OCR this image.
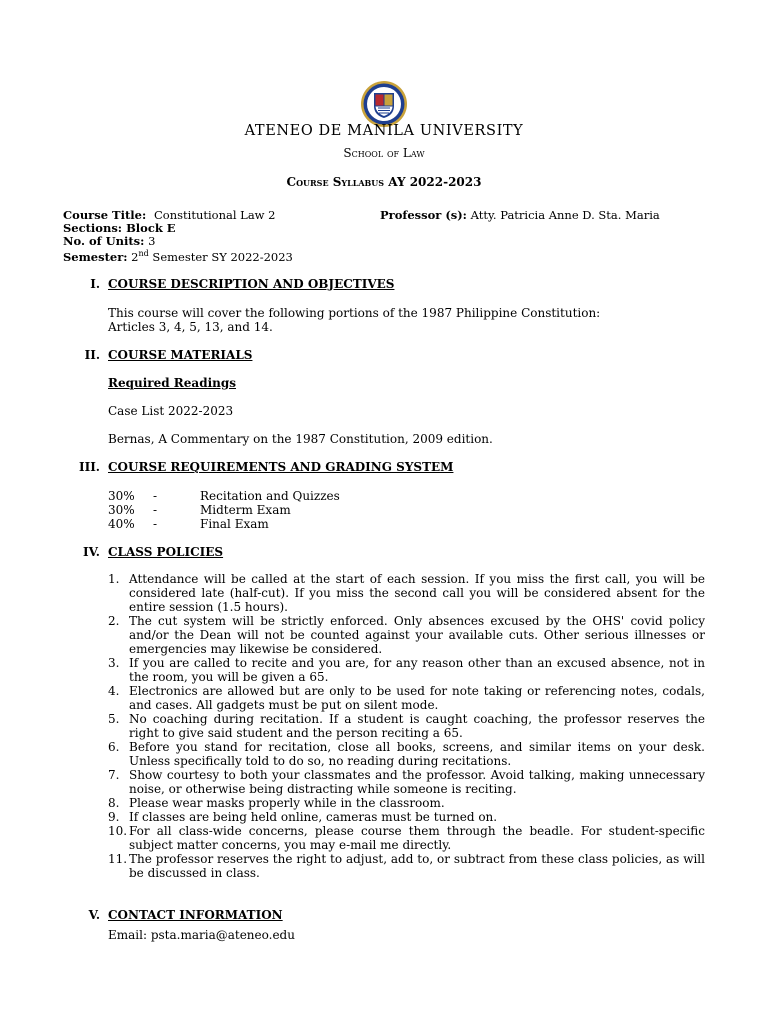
ATENEO DE MANILA UNIVERSITY
School of Law
Course Syllabus AY 2022-2023
Course Title: Constitutional Law 2	Professor (s): Atty. Patricia Anne D. Sta. Maria
Sections: Block E
No. of Units: 3
Semester: 2nd Semester SY 2022-2023
I. COURSE DESCRIPTION AND OBJECTIVES
This course will cover the following portions of the 1987 Philippine Constitution:
Articles 3, 4, 5, 13, and 14.
II. COURSE MATERIALS
Required Readings
Case List 2022-2023
Bernas, A Commentary on the 1987 Constitution, 2009 edition.
III. COURSE REQUIREMENTS AND GRADING SYSTEM
30% -	Recitation and Quizzes
30% -	Midterm Exam
40% -	Final Exam
IV. CLASS POLICIES
1. Attendance will be called at the start of each session. If you miss the first call, you will be considered late (half-cut). If you miss the second call you will be considered absent for the entire session (1.5 hours).
2. The cut system will be strictly enforced. Only absences excused by the OHS' covid policy and/or the Dean will not be counted against your available cuts. Other serious illnesses or emergencies may likewise be considered.
3. If you are called to recite and you are, for any reason other than an excused absence, not in the room, you will be given a 65.
4. Electronics are allowed but are only to be used for note taking or referencing notes, codals, and cases. All gadgets must be put on silent mode.
5. No coaching during recitation. If a student is caught coaching, the professor reserves the right to give said student and the person reciting a 65.
6. Before you stand for recitation, close all books, screens, and similar items on your desk. Unless specifically told to do so, no reading during recitations.
7. Show courtesy to both your classmates and the professor. Avoid talking, making unnecessary noise, or otherwise being distracting while someone is reciting.
8. Please wear masks properly while in the classroom.
9. If classes are being held online, cameras must be turned on.
10. For all class-wide concerns, please course them through the beadle. For student-specific subject matter concerns, you may e-mail me directly.
11. The professor reserves the right to adjust, add to, or subtract from these class policies, as will be discussed in class.
V. CONTACT INFORMATION
Email: psta.maria@ateneo.edu
